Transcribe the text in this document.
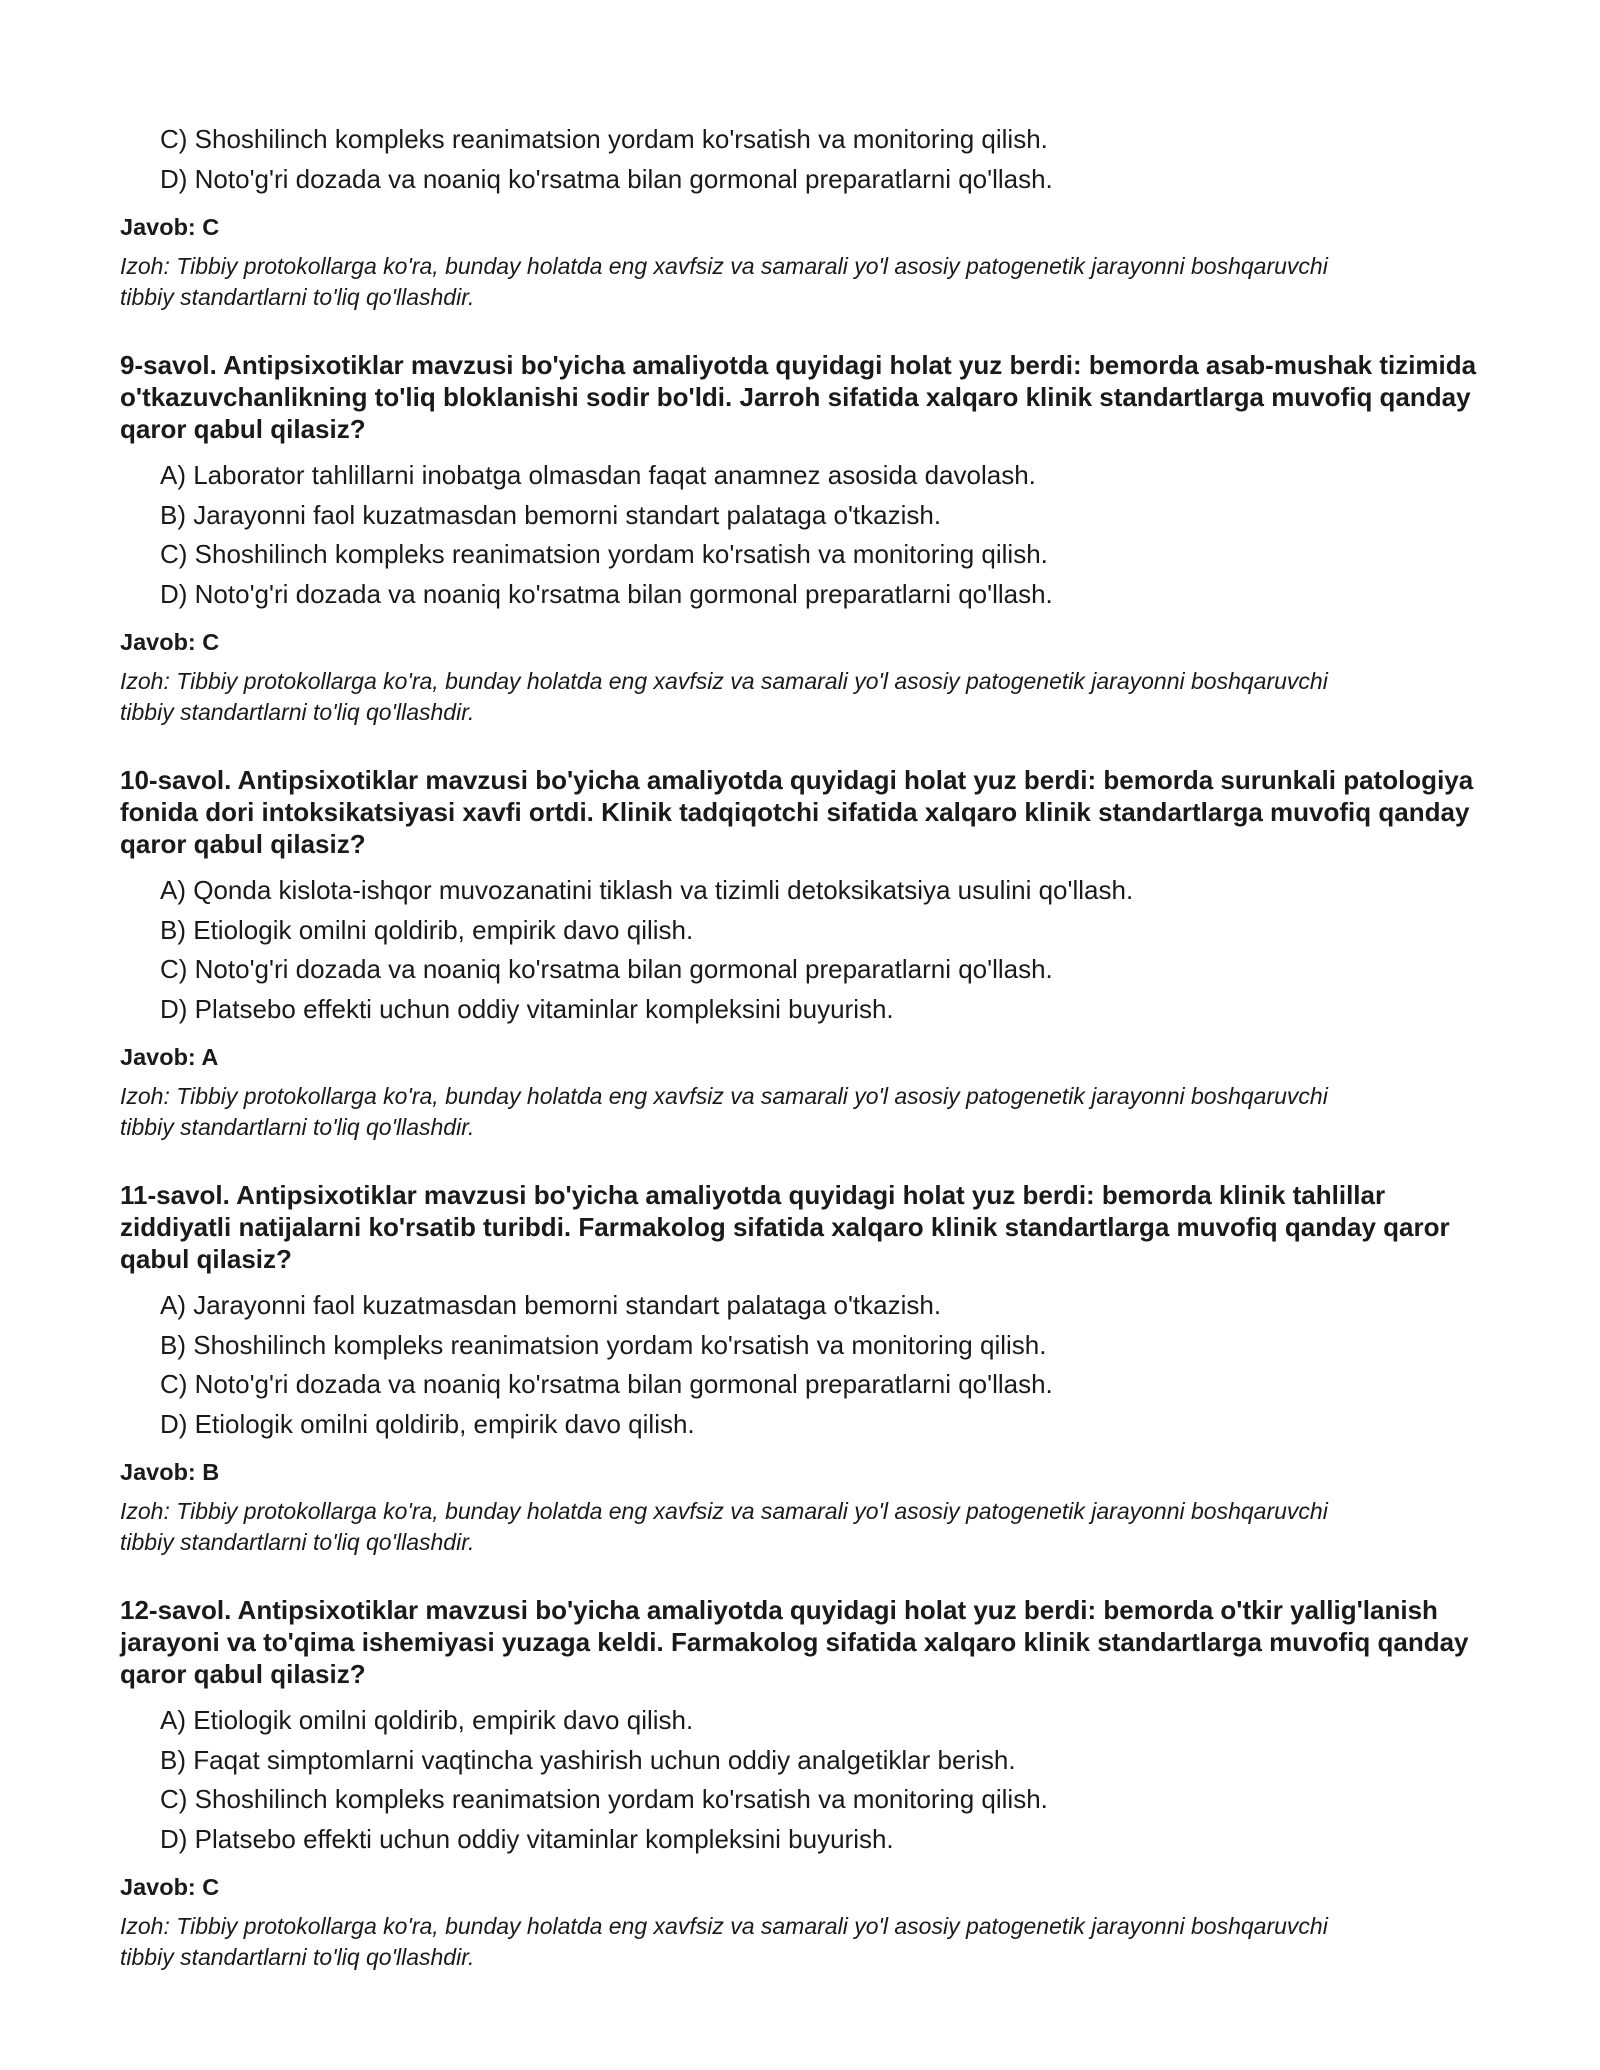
C) Shoshilinch kompleks reanimatsion yordam ko'rsatish va monitoring qilish.
D) Noto'g'ri dozada va noaniq ko'rsatma bilan gormonal preparatlarni qo'llash.
Javob: C
Izoh: Tibbiy protokollarga ko'ra, bunday holatda eng xavfsiz va samarali yo'l asosiy patogenetik jarayonni boshqaruvchi tibbiy standartlarni to'liq qo'llashdir.
9-savol. Antipsixotiklar mavzusi bo'yicha amaliyotda quyidagi holat yuz berdi: bemorda asab-mushak tizimida o'tkazuvchanlikning to'liq bloklanishi sodir bo'ldi. Jarroh sifatida xalqaro klinik standartlarga muvofiq qanday qaror qabul qilasiz?
A) Laborator tahlillarni inobatga olmasdan faqat anamnez asosida davolash.
B) Jarayonni faol kuzatmasdan bemorni standart palataga o'tkazish.
C) Shoshilinch kompleks reanimatsion yordam ko'rsatish va monitoring qilish.
D) Noto'g'ri dozada va noaniq ko'rsatma bilan gormonal preparatlarni qo'llash.
Javob: C
Izoh: Tibbiy protokollarga ko'ra, bunday holatda eng xavfsiz va samarali yo'l asosiy patogenetik jarayonni boshqaruvchi tibbiy standartlarni to'liq qo'llashdir.
10-savol. Antipsixotiklar mavzusi bo'yicha amaliyotda quyidagi holat yuz berdi: bemorda surunkali patologiya fonida dori intoksikatsiyasi xavfi ortdi. Klinik tadqiqotchi sifatida xalqaro klinik standartlarga muvofiq qanday qaror qabul qilasiz?
A) Qonda kislota-ishqor muvozanatini tiklash va tizimli detoksikatsiya usulini qo'llash.
B) Etiologik omilni qoldirib, empirik davo qilish.
C) Noto'g'ri dozada va noaniq ko'rsatma bilan gormonal preparatlarni qo'llash.
D) Platsebo effekti uchun oddiy vitaminlar kompleksini buyurish.
Javob: A
Izoh: Tibbiy protokollarga ko'ra, bunday holatda eng xavfsiz va samarali yo'l asosiy patogenetik jarayonni boshqaruvchi tibbiy standartlarni to'liq qo'llashdir.
11-savol. Antipsixotiklar mavzusi bo'yicha amaliyotda quyidagi holat yuz berdi: bemorda klinik tahlillar ziddiyatli natijalarni ko'rsatib turibdi. Farmakolog sifatida xalqaro klinik standartlarga muvofiq qanday qaror qabul qilasiz?
A) Jarayonni faol kuzatmasdan bemorni standart palataga o'tkazish.
B) Shoshilinch kompleks reanimatsion yordam ko'rsatish va monitoring qilish.
C) Noto'g'ri dozada va noaniq ko'rsatma bilan gormonal preparatlarni qo'llash.
D) Etiologik omilni qoldirib, empirik davo qilish.
Javob: B
Izoh: Tibbiy protokollarga ko'ra, bunday holatda eng xavfsiz va samarali yo'l asosiy patogenetik jarayonni boshqaruvchi tibbiy standartlarni to'liq qo'llashdir.
12-savol. Antipsixotiklar mavzusi bo'yicha amaliyotda quyidagi holat yuz berdi: bemorda o'tkir yallig'lanish jarayoni va to'qima ishemiyasi yuzaga keldi. Farmakolog sifatida xalqaro klinik standartlarga muvofiq qanday qaror qabul qilasiz?
A) Etiologik omilni qoldirib, empirik davo qilish.
B) Faqat simptomlarni vaqtincha yashirish uchun oddiy analgetiklar berish.
C) Shoshilinch kompleks reanimatsion yordam ko'rsatish va monitoring qilish.
D) Platsebo effekti uchun oddiy vitaminlar kompleksini buyurish.
Javob: C
Izoh: Tibbiy protokollarga ko'ra, bunday holatda eng xavfsiz va samarali yo'l asosiy patogenetik jarayonni boshqaruvchi tibbiy standartlarni to'liq qo'llashdir.
